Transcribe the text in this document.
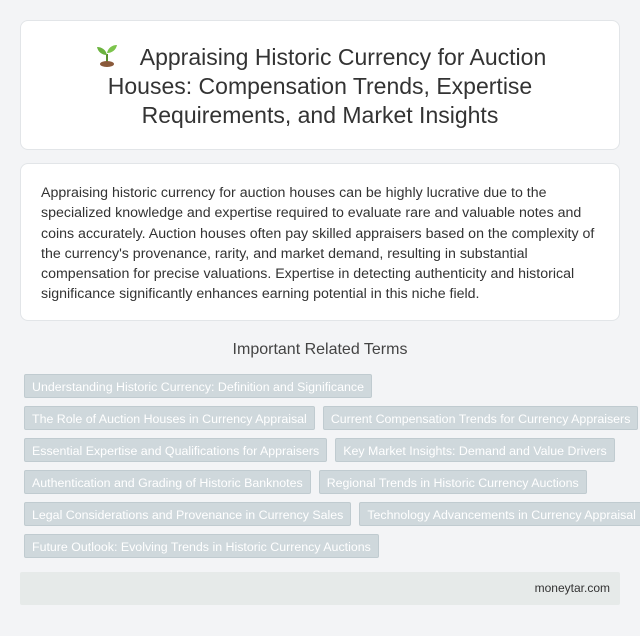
Appraising Historic Currency for Auction Houses: Compensation Trends, Expertise Requirements, and Market Insights

Appraising historic currency for auction houses can be highly lucrative due to the specialized knowledge and expertise required to evaluate rare and valuable notes and coins accurately. Auction houses often pay skilled appraisers based on the complexity of the currency's provenance, rarity, and market demand, resulting in substantial compensation for precise valuations. Expertise in detecting authenticity and historical significance significantly enhances earning potential in this niche field.

Important Related Terms
Understanding Historic Currency: Definition and Significance
The Role of Auction Houses in Currency Appraisal	Current Compensation Trends for Currency Appraisers
Essential Expertise and Qualifications for Appraisers	Key Market Insights: Demand and Value Drivers
Authentication and Grading of Historic Banknotes	Regional Trends in Historic Currency Auctions
Legal Considerations and Provenance in Currency Sales	Technology Advancements in Currency Appraisal
Future Outlook: Evolving Trends in Historic Currency Auctions
moneytar.com
